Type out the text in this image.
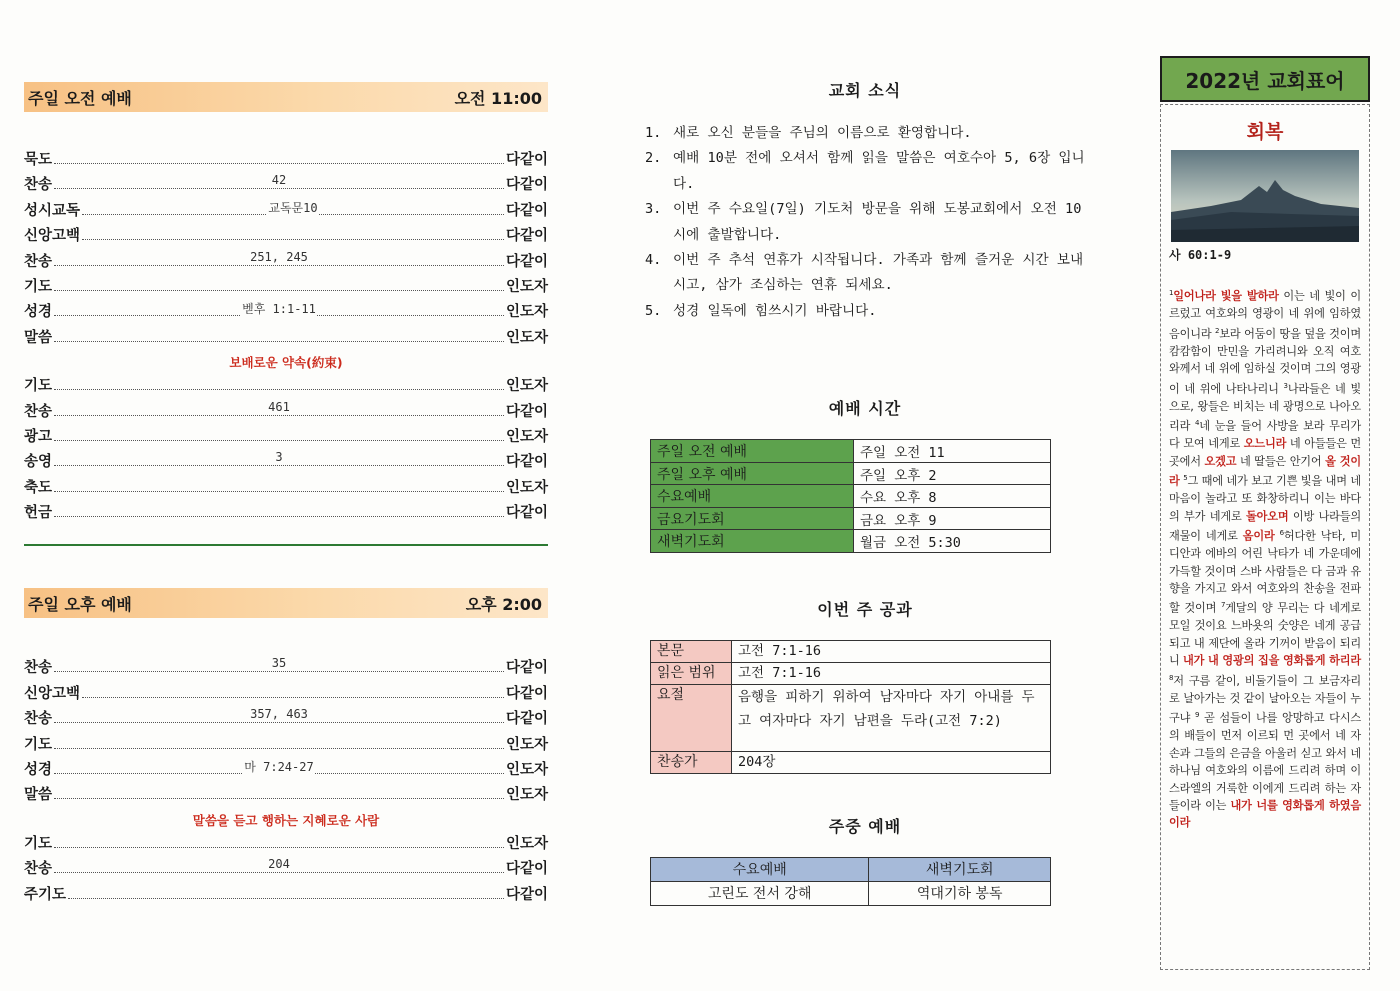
주일 오전 예배	오전 11:00
묵도	다같이
찬송	42	다같이
성시교독	교독문10	다같이
신앙고백	다같이
찬송	251, 245	다같이
기도	인도자
성경	벧후 1:1-11	인도자
말씀	인도자
보배로운 약속(約束)
기도	인도자
찬송	461	다같이
광고	인도자
송영	3	다같이
축도	인도자
헌금	다같이
주일 오후 예배	오후 2:00
찬송	35	다같이
신앙고백	다같이
찬송	357, 463	다같이
기도	인도자
성경	마 7:24-27	인도자
말씀	인도자
말씀을 듣고 행하는 지혜로운 사람
기도	인도자
찬송	204	다같이
주기도	다같이
교회 소식
1. 새로 오신 분들을 주님의 이름으로 환영합니다.
2. 예배 10분 전에 오셔서 함께 읽을 말씀은 여호수아 5, 6장 입니다.
3. 이번 주 수요일(7일) 기도처 방문을 위해 도봉교회에서 오전 10시에 출발합니다.
4. 이번 주 추석 연휴가 시작됩니다. 가족과 함께 즐거운 시간 보내시고, 삼가 조심하는 연휴 되세요.
5. 성경 일독에 힘쓰시기 바랍니다.
예배 시간
주일 오전 예배	주일 오전 11
주일 오후 예배	주일 오후 2
수요예배	수요 오후 8
금요기도회	금요 오후 9
새벽기도회	월금 오전 5:30
이번 주 공과
본문	고전 7:1-16
읽은 범위	고전 7:1-16
요절	음행을 피하기 위하여 남자마다 자기 아내를 두고 여자마다 자기 남편을 두라(고전 7:2)
찬송가	204장
주중 예배
수요예배	새벽기도회
고린도 전서 강해	역대기하 봉독
2022년 교회표어
회복
사 60:1-9
$^1$일어나라 빛을 발하라 이는 네 빛이 이르렀고 여호와의 영광이 네 위에 임하였음이니라 $^2$보라 어둠이 땅을 덮을 것이며 캄캄함이 만민을 가리려니와 오직 여호와께서 네 위에 임하실 것이며 그의 영광이 네 위에 나타나리니 $^3$나라들은 네 빛으로, 왕들은 비치는 네 광명으로 나아오리라 $^4$네 눈을 들어 사방을 보라 무리가 다 모여 네게로 오느니라 네 아들들은 먼 곳에서 오겠고 네 딸들은 안기어 올 것이라 $^5$그 때에 네가 보고 기쁜 빛을 내며 네 마음이 놀라고 또 화창하리니 이는 바다의 부가 네게로 돌아오며 이방 나라들의 재물이 네게로 옴이라 $^6$허다한 낙타, 미디안과 에바의 어린 낙타가 네 가운데에 가득할 것이며 스바 사람들은 다 금과 유향을 가지고 와서 여호와의 찬송을 전파할 것이며 $^7$게달의 양 무리는 다 네게로 모일 것이요 느바욧의 숫양은 네게 공급되고 내 제단에 올라 기꺼이 받음이 되리니 내가 내 영광의 집을 영화롭게 하리라 $^8$저 구름 같이, 비둘기들이 그 보금자리로 날아가는 것 같이 날아오는 자들이 누구냐 $^9$ 곧 섬들이 나를 앙망하고 다시스의 배들이 먼저 이르되 먼 곳에서 네 자손과 그들의 은금을 아울러 싣고 와서 네 하나님 여호와의 이름에 드리려 하며 이스라엘의 거룩한 이에게 드리려 하는 자들이라 이는 내가 너를 영화롭게 하였음이라
